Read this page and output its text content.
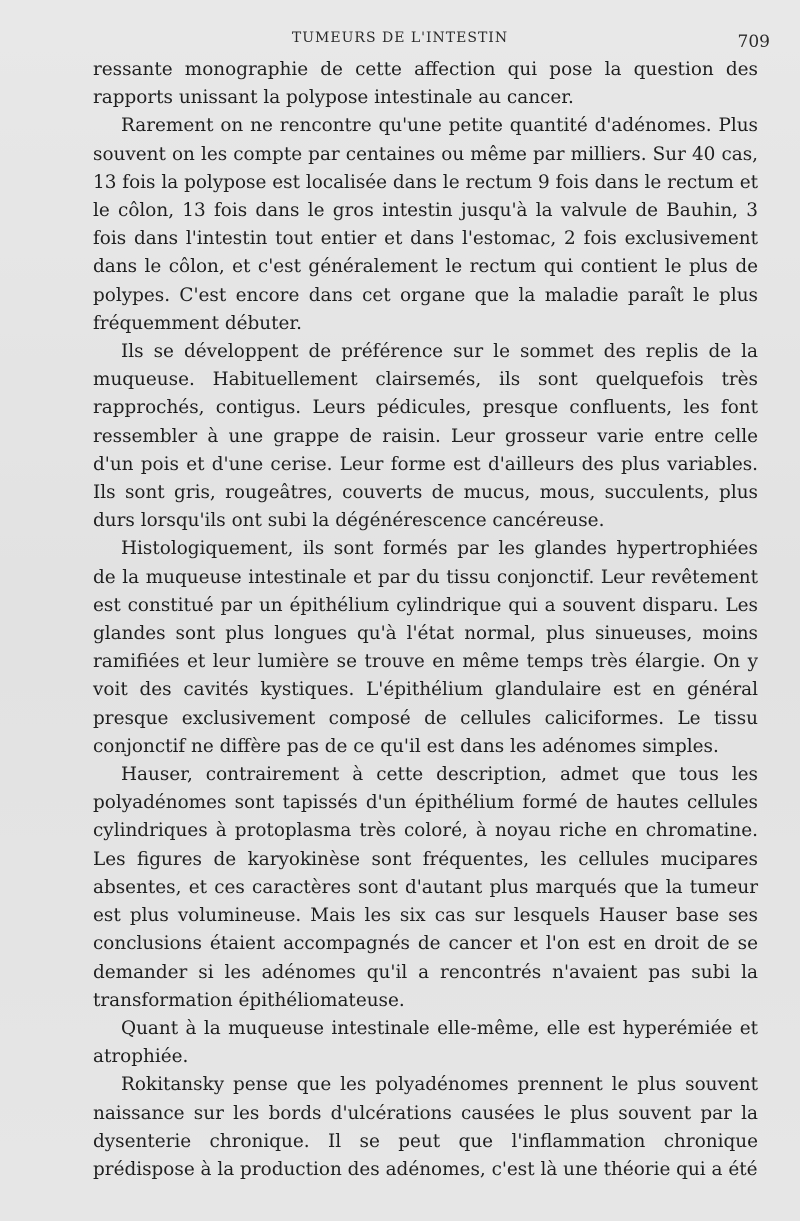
TUMEURS DE L'INTESTIN	709

ressante monographie de cette affection qui pose la question des rapports unissant la polypose intestinale au cancer.

Rarement on ne rencontre qu'une petite quantité d'adénomes. Plus souvent on les compte par centaines ou même par milliers. Sur 40 cas, 13 fois la polypose est localisée dans le rectum 9 fois dans le rectum et le côlon, 13 fois dans le gros intestin jusqu'à la valvule de Bauhin, 3 fois dans l'intestin tout entier et dans l'estomac, 2 fois exclusivement dans le côlon, et c'est généralement le rectum qui contient le plus de polypes. C'est encore dans cet organe que la maladie paraît le plus fréquemment débuter.

Ils se développent de préférence sur le sommet des replis de la muqueuse. Habituellement clairsemés, ils sont quelquefois très rapprochés, contigus. Leurs pédicules, presque confluents, les font ressembler à une grappe de raisin. Leur grosseur varie entre celle d'un pois et d'une cerise. Leur forme est d'ailleurs des plus variables. Ils sont gris, rougeâtres, couverts de mucus, mous, succulents, plus durs lorsqu'ils ont subi la dégénérescence cancéreuse.

Histologiquement, ils sont formés par les glandes hypertrophiées de la muqueuse intestinale et par du tissu conjonctif. Leur revêtement est constitué par un épithélium cylindrique qui a souvent disparu. Les glandes sont plus longues qu'à l'état normal, plus sinueuses, moins ramifiées et leur lumière se trouve en même temps très élargie. On y voit des cavités kystiques. L'épithélium glandulaire est en général presque exclusivement composé de cellules caliciformes. Le tissu conjonctif ne diffère pas de ce qu'il est dans les adénomes simples.

Hauser, contrairement à cette description, admet que tous les polyadénomes sont tapissés d'un épithélium formé de hautes cellules cylindriques à protoplasma très coloré, à noyau riche en chromatine. Les figures de karyokinèse sont fréquentes, les cellules mucipares absentes, et ces caractères sont d'autant plus marqués que la tumeur est plus volumineuse. Mais les six cas sur lesquels Hauser base ses conclusions étaient accompagnés de cancer et l'on est en droit de se demander si les adénomes qu'il a rencontrés n'avaient pas subi la transformation épithéliomateuse.

Quant à la muqueuse intestinale elle-même, elle est hyperémiée et atrophiée.

Rokitansky pense que les polyadénomes prennent le plus souvent naissance sur les bords d'ulcérations causées le plus souvent par la dysenterie chronique. Il se peut que l'inflammation chronique prédispose à la production des adénomes, c'est là une théorie qui a été
